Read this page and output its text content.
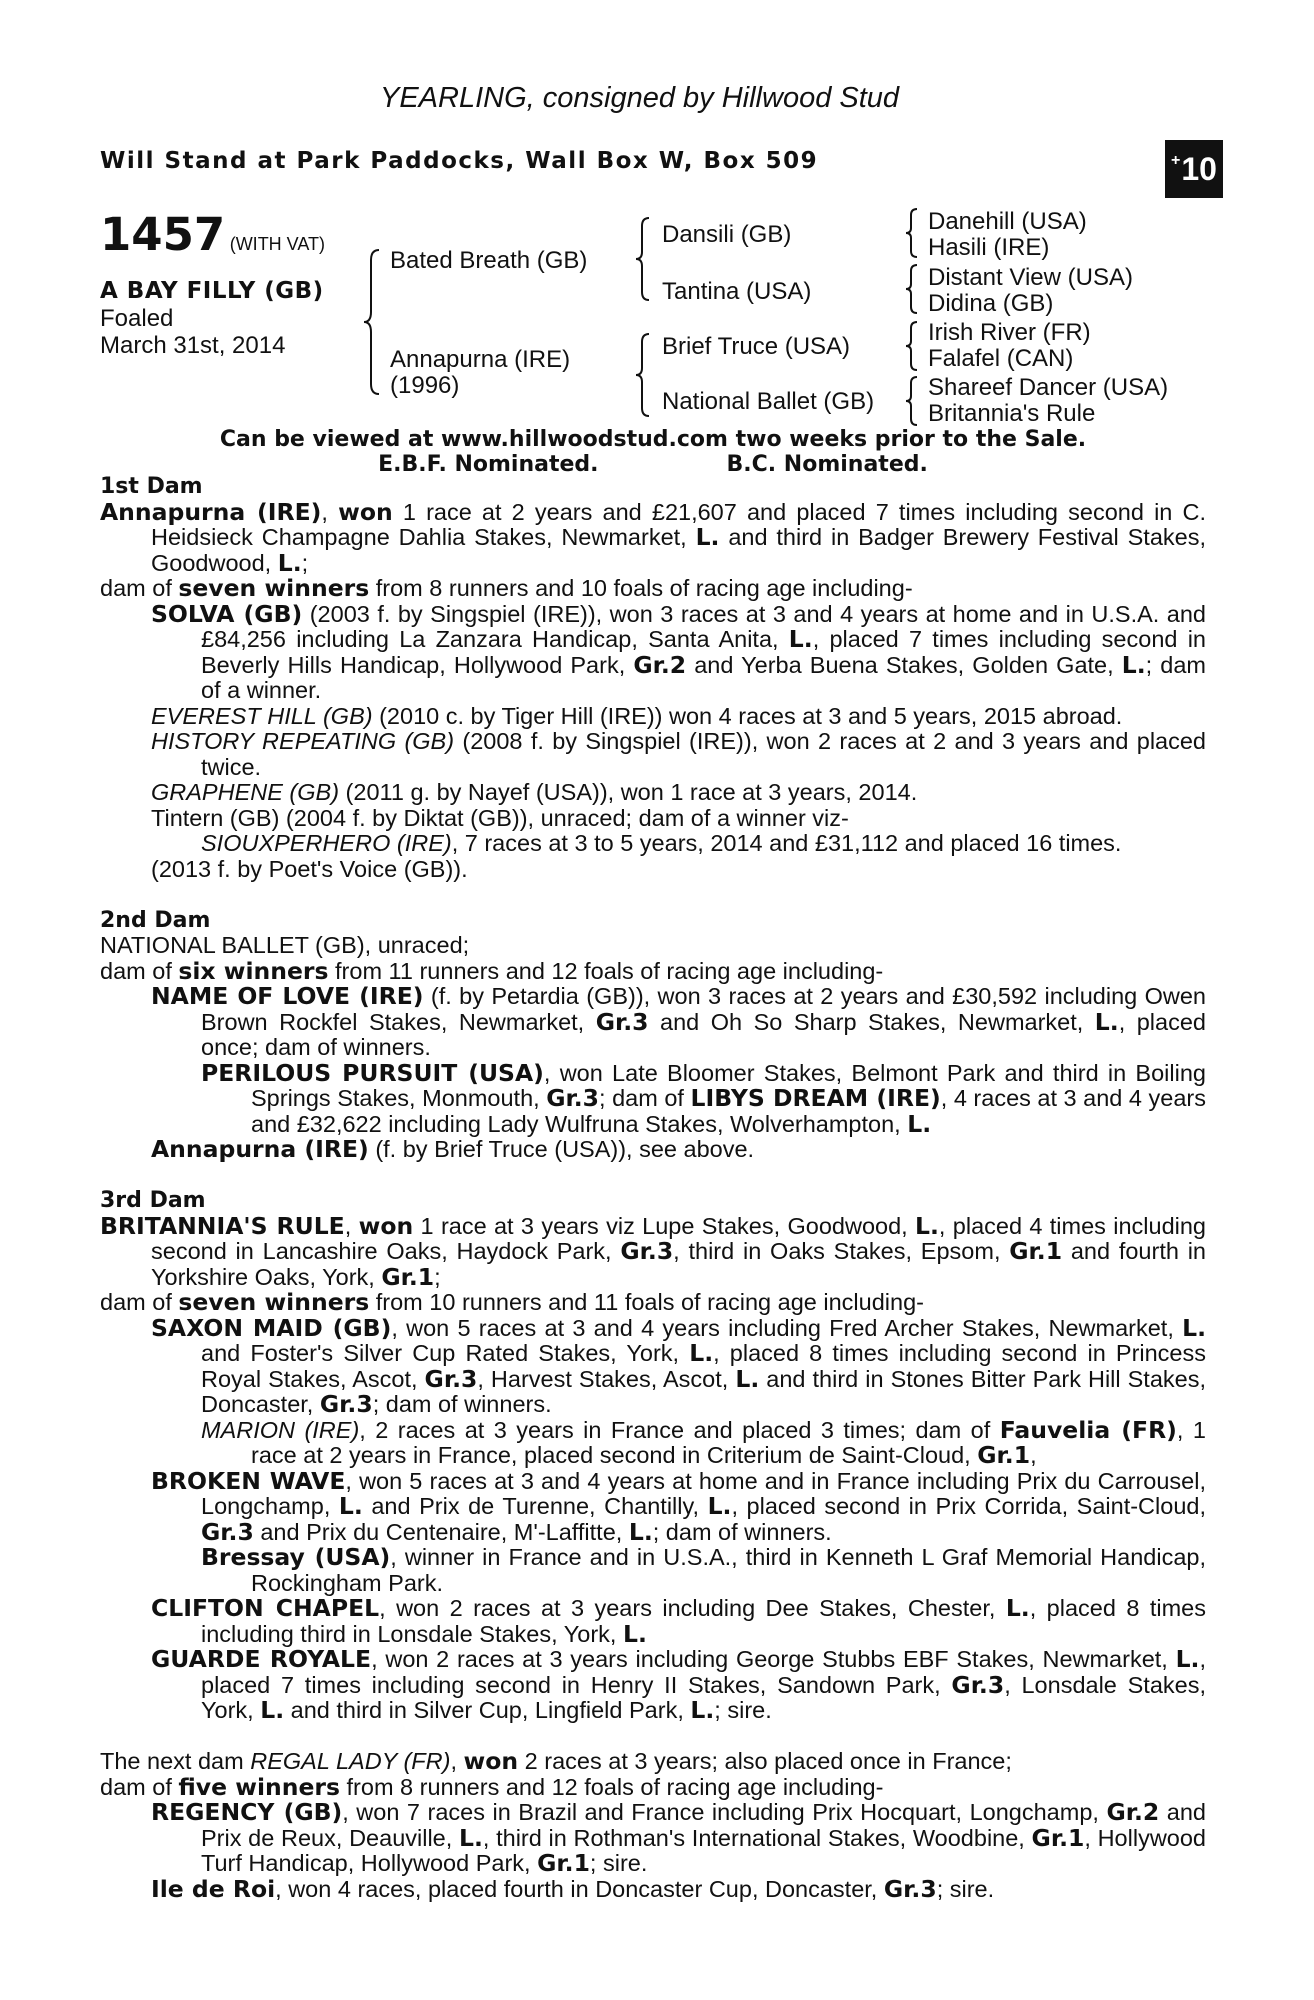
YEARLING, consigned by Hillwood Stud
Will Stand at Park Paddocks, Wall Box W, Box 509	+ 10
1457 (WITH VAT)
A BAY FILLY (GB)
Foaled
March 31st, 2014
Bated Breath (GB)
Annapurna (IRE)
(1996)
Dansili (GB)
Tantina (USA)
Brief Truce (USA)
National Ballet (GB)
Danehill (USA)
Hasili (IRE)
Distant View (USA)
Didina (GB)
Irish River (FR)
Falafel (CAN)
Shareef Dancer (USA)
Britannia's Rule
Can be viewed at www.hillwoodstud.com two weeks prior to the Sale.
E.B.F. Nominated.	B.C. Nominated.

1st Dam

Annapurna (IRE), won 1 race at 2 years and £21,607 and placed 7 times including second in C. Heidsieck Champagne Dahlia Stakes, Newmarket, L. and third in Badger Brewery Festival Stakes, Goodwood, L.;

dam of seven winners from 8 runners and 10 foals of racing age including-

SOLVA (GB) (2003 f. by Singspiel (IRE)), won 3 races at 3 and 4 years at home and in U.S.A. and £84,256 including La Zanzara Handicap, Santa Anita, L., placed 7 times including second in Beverly Hills Handicap, Hollywood Park, Gr.2 and Yerba Buena Stakes, Golden Gate, L.; dam of a winner.

EVEREST HILL (GB) (2010 c. by Tiger Hill (IRE)) won 4 races at 3 and 5 years, 2015 abroad.

HISTORY REPEATING (GB) (2008 f. by Singspiel (IRE)), won 2 races at 2 and 3 years and placed twice.

GRAPHENE (GB) (2011 g. by Nayef (USA)), won 1 race at 3 years, 2014.

Tintern (GB) (2004 f. by Diktat (GB)), unraced; dam of a winner viz-

SIOUXPERHERO (IRE), 7 races at 3 to 5 years, 2014 and £31,112 and placed 16 times.

(2013 f. by Poet's Voice (GB)).

2nd Dam

NATIONAL BALLET (GB), unraced;

dam of six winners from 11 runners and 12 foals of racing age including-

NAME OF LOVE (IRE) (f. by Petardia (GB)), won 3 races at 2 years and £30,592 including Owen Brown Rockfel Stakes, Newmarket, Gr.3 and Oh So Sharp Stakes, Newmarket, L., placed once; dam of winners.

PERILOUS PURSUIT (USA), won Late Bloomer Stakes, Belmont Park and third in Boiling Springs Stakes, Monmouth, Gr.3; dam of LIBYS DREAM (IRE), 4 races at 3 and 4 years and £32,622 including Lady Wulfruna Stakes, Wolverhampton, L.

Annapurna (IRE) (f. by Brief Truce (USA)), see above.

3rd Dam

BRITANNIA'S RULE, won 1 race at 3 years viz Lupe Stakes, Goodwood, L., placed 4 times including second in Lancashire Oaks, Haydock Park, Gr.3, third in Oaks Stakes, Epsom, Gr.1 and fourth in Yorkshire Oaks, York, Gr.1;

dam of seven winners from 10 runners and 11 foals of racing age including-

SAXON MAID (GB), won 5 races at 3 and 4 years including Fred Archer Stakes, Newmarket, L. and Foster's Silver Cup Rated Stakes, York, L., placed 8 times including second in Princess Royal Stakes, Ascot, Gr.3, Harvest Stakes, Ascot, L. and third in Stones Bitter Park Hill Stakes, Doncaster, Gr.3; dam of winners.

MARION (IRE), 2 races at 3 years in France and placed 3 times; dam of Fauvelia (FR), 1 race at 2 years in France, placed second in Criterium de Saint-Cloud, Gr.1,

BROKEN WAVE, won 5 races at 3 and 4 years at home and in France including Prix du Carrousel, Longchamp, L. and Prix de Turenne, Chantilly, L., placed second in Prix Corrida, Saint-Cloud, Gr.3 and Prix du Centenaire, M'-Laffitte, L.; dam of winners.

Bressay (USA), winner in France and in U.S.A., third in Kenneth L Graf Memorial Handicap, Rockingham Park.

CLIFTON CHAPEL, won 2 races at 3 years including Dee Stakes, Chester, L., placed 8 times including third in Lonsdale Stakes, York, L.

GUARDE ROYALE, won 2 races at 3 years including George Stubbs EBF Stakes, Newmarket, L., placed 7 times including second in Henry II Stakes, Sandown Park, Gr.3, Lonsdale Stakes, York, L. and third in Silver Cup, Lingfield Park, L.; sire.

The next dam REGAL LADY (FR), won 2 races at 3 years; also placed once in France;

dam of five winners from 8 runners and 12 foals of racing age including-

REGENCY (GB), won 7 races in Brazil and France including Prix Hocquart, Longchamp, Gr.2 and Prix de Reux, Deauville, L., third in Rothman's International Stakes, Woodbine, Gr.1, Hollywood Turf Handicap, Hollywood Park, Gr.1; sire.

Ile de Roi, won 4 races, placed fourth in Doncaster Cup, Doncaster, Gr.3; sire.
